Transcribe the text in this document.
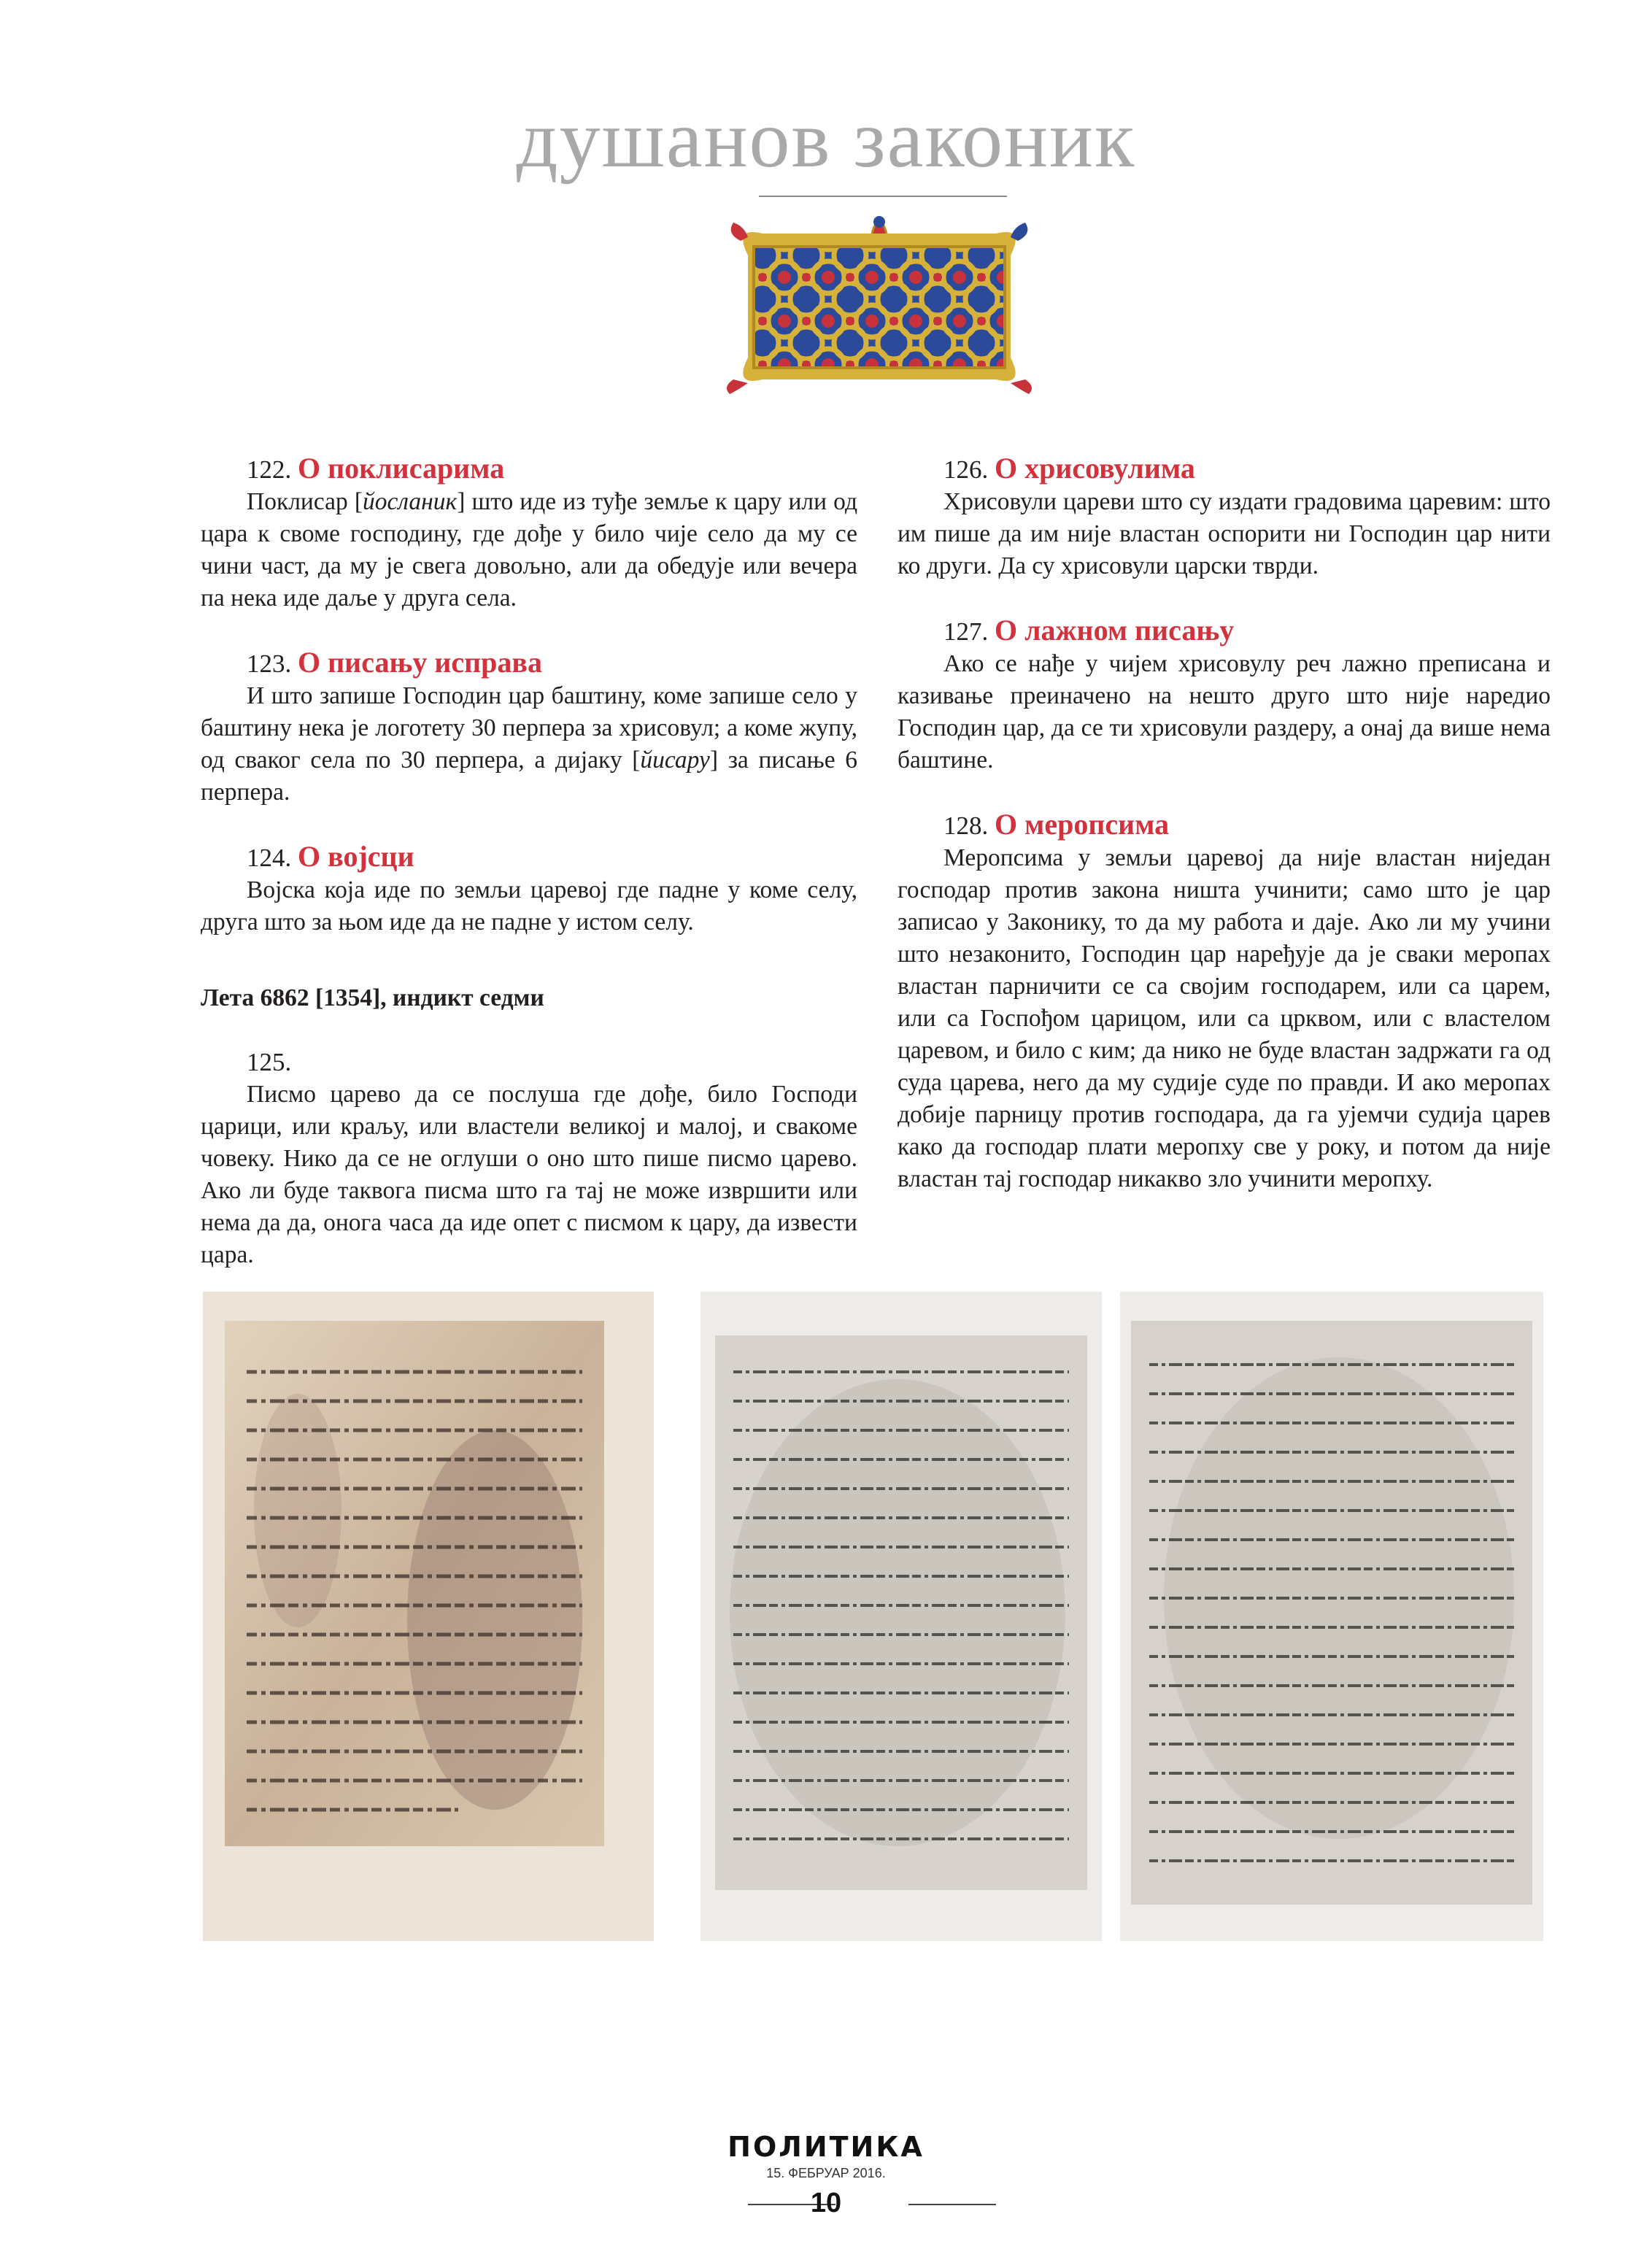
душанов законик

122. О поклисарима

Поклисар [йосланик] што иде из туђе земље к цару или од цара к своме господину, где дође у било чије село да му се чини част, да му је свега довољно, али да обедује или вечера па нека иде даље у друга села.

123. О писању исправа

И што запише Господин цар баштину, коме запише село у баштину нека је логотету 30 перпера за хрисовул; а коме жупу, од сваког села по 30 перпера, а дијаку [йисару] за писање 6 перпера.

124. О војсци

Војска која иде по земљи царевој где падне у коме селу, друга што за њом иде да не падне у истом селу.

Лета 6862 [1354], индикт седми

125.

Писмо царево да се послуша где дође, било Господи царици, или краљу, или властели великој и малој, и свакоме човеку. Нико да се не оглуши о оно што пише писмо царево. Ако ли буде таквога писма што га тај не може извршити или нема да да, онога часа да иде опет с писмом к цару, да извести цара.

126. О хрисовулима

Хрисовули цареви што су издати градовима царевим: што им пише да им није властан оспорити ни Господин цар нити ко други. Да су хрисовули царски тврди.

127. О лажном писању

Ако се нађе у чијем хрисовулу реч лажно преписана и казивање преиначено на нешто друго што није наредио Господин цар, да се ти хрисовули раздеру, а онај да више нема баштине.

128. О меропсима

Меропсима у земљи царевој да није властан ниједан господар против закона ништа учинити; само што је цар записао у Законику, то да му работа и даје. Ако ли му учини што незаконито, Господин цар наређује да је сваки меропах властан парничити се са својим господарем, или са царем, или са Госпођом царицом, или са црквом, или с властелом царевом, и било с ким; да нико не буде властан задржати га од суда царева, него да му судије суде по правди. И ако меропах добије парницу против господара, да га ујемчи судија царев како да господар плати меропху све у року, и потом да није властан тај господар никакво зло учинити меропху.

ПОЛИТИКА
15. ФЕБРУАР 2016.
10
